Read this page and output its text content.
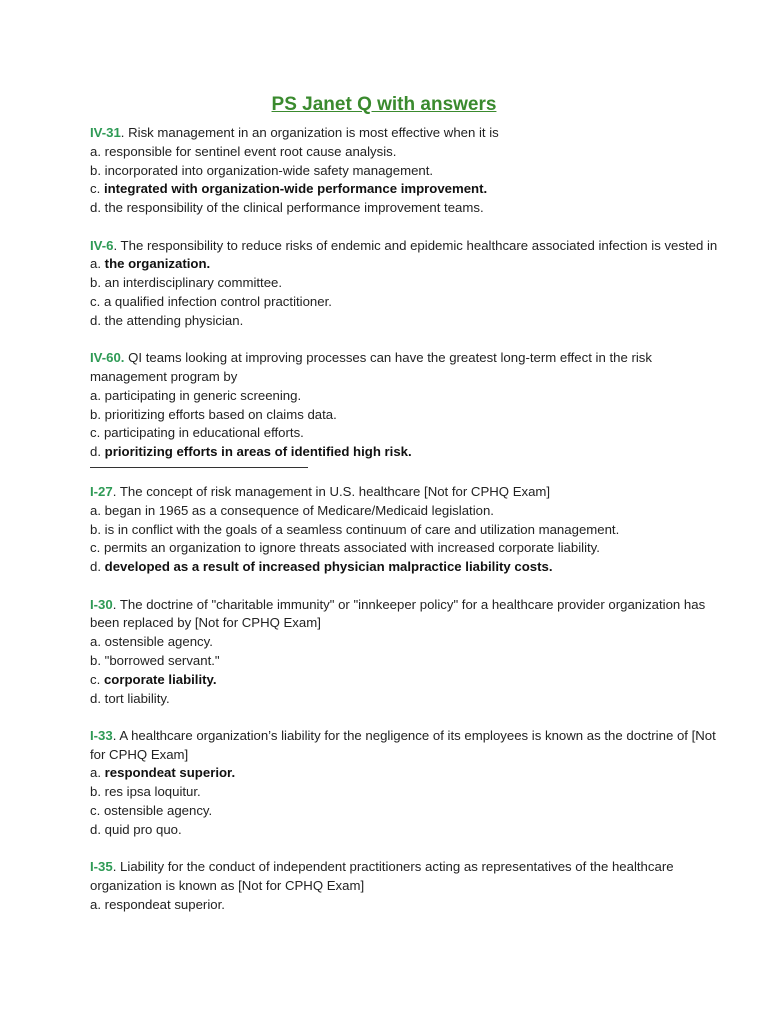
PS Janet Q with answers
IV-31. Risk management in an organization is most effective when it is
a. responsible for sentinel event root cause analysis.
b. incorporated into organization-wide safety management.
c. integrated with organization-wide performance improvement.
d. the responsibility of the clinical performance improvement teams.
IV-6. The responsibility to reduce risks of endemic and epidemic healthcare associated infection is vested in
a. the organization.
b. an interdisciplinary committee.
c. a qualified infection control practitioner.
d. the attending physician.
IV-60. QI teams looking at improving processes can have the greatest long-term effect in the risk management program by
a. participating in generic screening.
b. prioritizing efforts based on claims data.
c. participating in educational efforts.
d. prioritizing efforts in areas of identified high risk.
I-27. The concept of risk management in U.S. healthcare [Not for CPHQ Exam]
a. began in 1965 as a consequence of Medicare/Medicaid legislation.
b. is in conflict with the goals of a seamless continuum of care and utilization management.
c. permits an organization to ignore threats associated with increased corporate liability.
d. developed as a result of increased physician malpractice liability costs.
I-30. The doctrine of "charitable immunity" or "innkeeper policy" for a healthcare provider organization has been replaced by [Not for CPHQ Exam]
a. ostensible agency.
b. "borrowed servant."
c. corporate liability.
d. tort liability.
I-33. A healthcare organization’s liability for the negligence of its employees is known as the doctrine of [Not for CPHQ Exam]
a. respondeat superior.
b. res ipsa loquitur.
c. ostensible agency.
d. quid pro quo.
I-35. Liability for the conduct of independent practitioners acting as representatives of the healthcare organization is known as [Not for CPHQ Exam]
a. respondeat superior.
